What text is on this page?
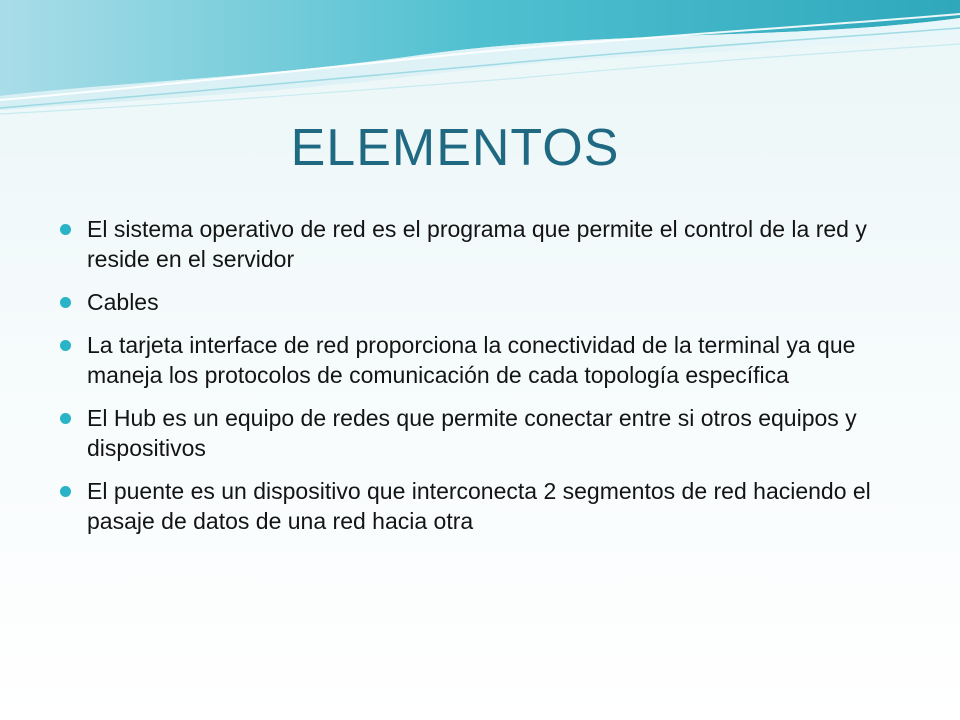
ELEMENTOS
El sistema operativo de red es el programa que permite el control de la red y reside en el servidor
Cables
La tarjeta interface de red proporciona la conectividad de la terminal ya que maneja los protocolos de comunicación de cada topología específica
El Hub es un equipo de redes que permite conectar entre si otros equipos y dispositivos
El puente es un dispositivo que interconecta 2 segmentos de red haciendo el pasaje de datos de una red hacia otra
